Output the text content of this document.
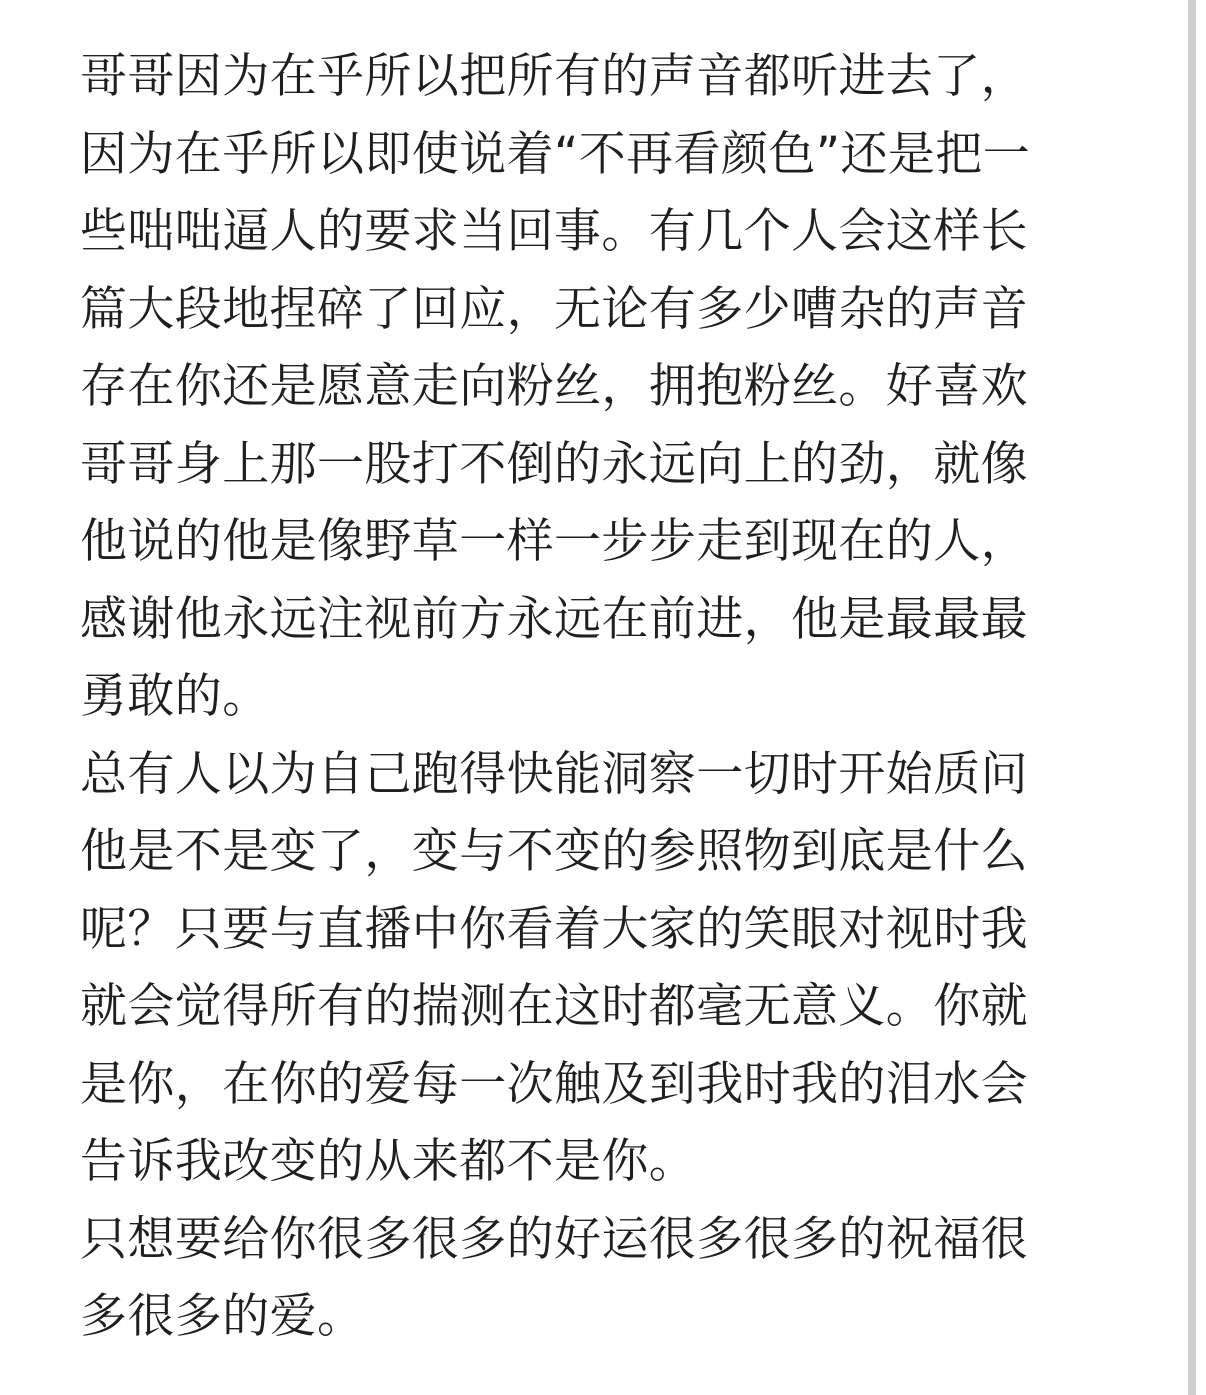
哥哥因为在乎所以把所有的声音都听进去了，
因为在乎所以即使说着“不再看颜色”还是把一
些咄咄逼人的要求当回事。有几个人会这样长
篇大段地捏碎了回应，无论有多少嘈杂的声音
存在你还是愿意走向粉丝，拥抱粉丝。好喜欢
哥哥身上那一股打不倒的永远向上的劲，就像
他说的他是像野草一样一步步走到现在的人，
感谢他永远注视前方永远在前进，他是最最最
勇敢的。
总有人以为自己跑得快能洞察一切时开始质问
他是不是变了，变与不变的参照物到底是什么
呢？只要与直播中你看着大家的笑眼对视时我
就会觉得所有的揣测在这时都毫无意义。你就
是你，在你的爱每一次触及到我时我的泪水会
告诉我改变的从来都不是你。
只想要给你很多很多的好运很多很多的祝福很
多很多的爱。
